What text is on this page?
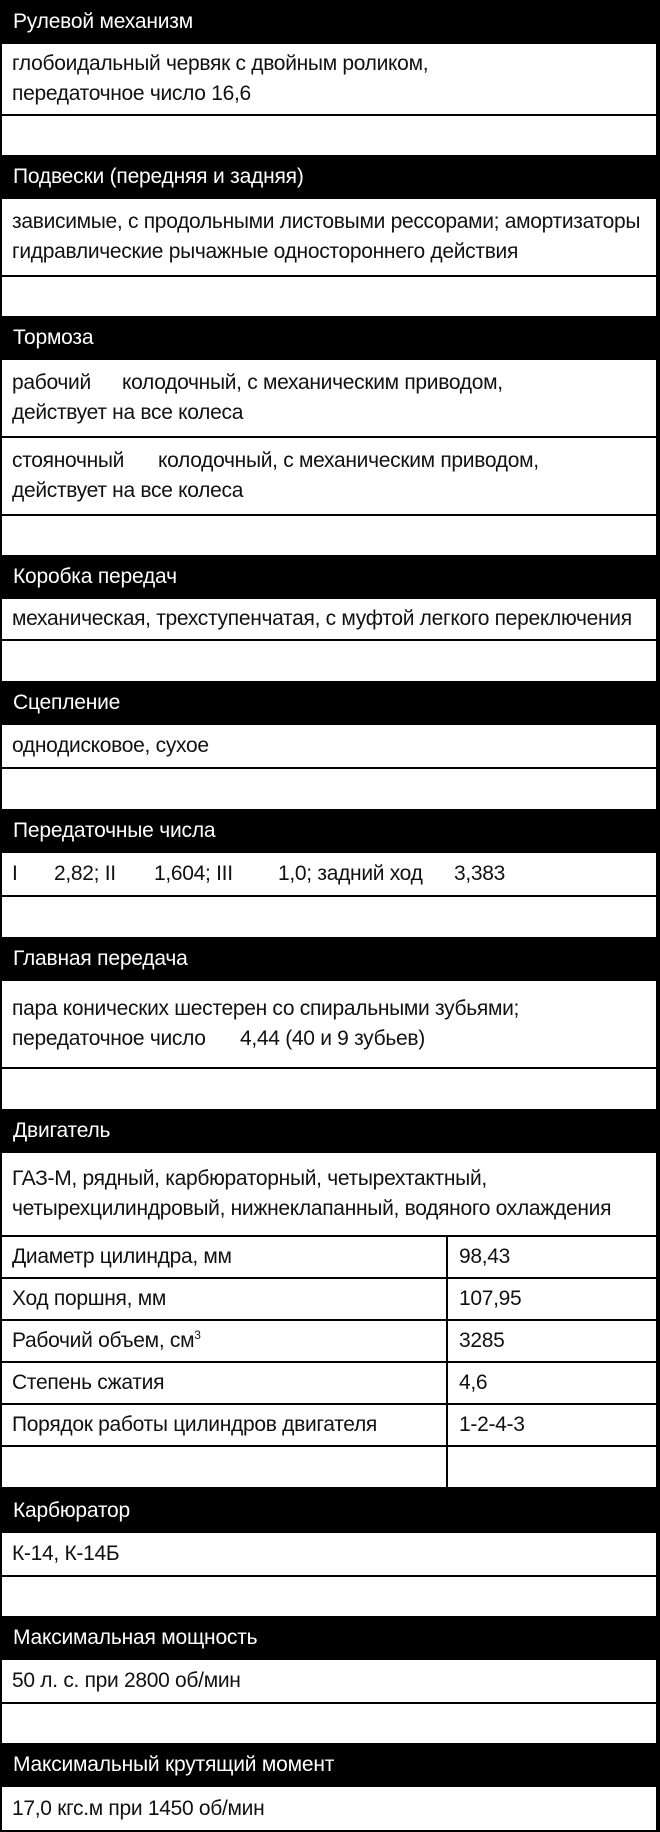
Рулевой механизм
глобоидальный червяк с двойным роликом,
передаточное число 16,6
Подвески (передняя и задняя)
зависимые, с продольными листовыми рессорами; амортизаторы
гидравлические рычажные одностороннего действия
Тормоза
рабочий колодочный, с механическим приводом,
действует на все колеса
стояночный колодочный, с механическим приводом,
действует на все колеса
Коробка передач
механическая, трехступенчатая, с муфтой легкого переключения
Сцепление
однодисковое, сухое
Передаточные числа
I 2,82; II 1,604; III 1,0; задний ход 3,383
Главная передача
пара конических шестерен со спиральными зубьями;
передаточное число 4,44 (40 и 9 зубьев)
Двигатель
ГАЗ-М, рядный, карбюраторный, четырехтактный,
четырехцилиндровый, нижнеклапанный, водяного охлаждения
Диаметр цилиндра, мм	98,43
Ход поршня, мм	107,95
Рабочий объем, $см^3$	3285
Степень сжатия	4,6
Порядок работы цилиндров двигателя	1-2-4-3
Карбюратор
К-14, К-14Б
Максимальная мощность
50 л. с. при 2800 об/мин
Максимальный крутящий момент
17,0 кгс.м при 1450 об/мин
